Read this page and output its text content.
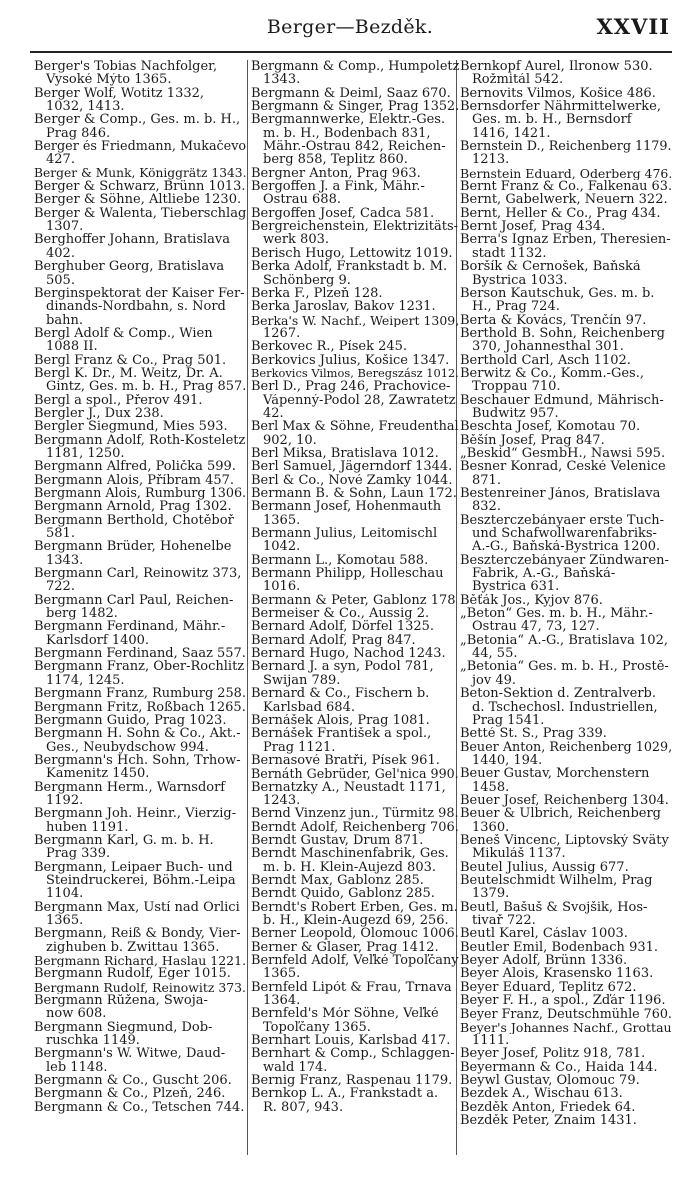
Berger—Bezděk.	XXVII
Berger's Tobias Nachfolger,
Vysoké Mýto 1365.
Berger Wolf, Wotitz 1332,
1032, 1413.
Berger & Comp., Ges. m. b. H.,
Prag 846.
Berger és Friedmann, Mukačevo
427.
Berger & Munk, Königgrätz 1343.
Berger & Schwarz, Brünn 1013.
Berger & Söhne, Altliebe 1230.
Berger & Walenta, Tieberschlag
1307.
Berghoffer Johann, Bratislava
402.
Berghuber Georg, Bratislava
505.
Berginspektorat der Kaiser Fer-
dinands-Nordbahn, s. Nord
bahn.
Bergl Adolf & Comp., Wien
1088 II.
Bergl Franz & Co., Prag 501.
Bergl K. Dr., M. Weitz, Dr. A.
Gintz, Ges. m. b. H., Prag 857.
Bergl a spol., Přerov 491.
Bergler J., Dux 238.
Bergler Siegmund, Mies 593.
Bergmann Adolf, Roth-Kosteletz
1181, 1250.
Bergmann Alfred, Polička 599.
Bergmann Alois, Příbram 457.
Bergmann Alois, Rumburg 1306.
Bergmann Arnold, Prag 1302.
Bergmann Berthold, Chotěboř
581.
Bergmann Brüder, Hohenelbe
1343.
Bergmann Carl, Reinowitz 373,
722.
Bergmann Carl Paul, Reichen-
berg 1482.
Bergmann Ferdinand, Mähr.-
Karlsdorf 1400.
Bergmann Ferdinand, Saaz 557.
Bergmann Franz, Ober-Rochlitz
1174, 1245.
Bergmann Franz, Rumburg 258.
Bergmann Fritz, Roßbach 1265.
Bergmann Guido, Prag 1023.
Bergmann H. Sohn & Co., Akt.-
Ges., Neubydschow 994.
Bergmann's Hch. Sohn, Trhow-
Kamenitz 1450.
Bergmann Herm., Warnsdorf
1192.
Bergmann Joh. Heinr., Vierzig-
huben 1191.
Bergmann Karl, G. m. b. H.
Prag 339.
Bergmann, Leipaer Buch- und
Steindruckerei, Böhm.-Leipa
1104.
Bergmann Max, Ústí nad Orlici
1365.
Bergmann, Reiß & Bondy, Vier-
zighuben b. Zwittau 1365.
Bergmann Richard, Haslau 1221.
Bergmann Rudolf, Eger 1015.
Bergmann Rudolf, Reinowitz 373.
Bergmann Růžena, Swoja-
now 608.
Bergmann Siegmund, Dob-
ruschka 1149.
Bergmann's W. Witwe, Daud-
leb 1148.
Bergmann & Co., Guscht 206.
Bergmann & Co., Plzeň, 246.
Bergmann & Co., Tetschen 744.
Bergmann & Comp., Humpoletz
1343.
Bergmann & Deiml, Saaz 670.
Bergmann & Singer, Prag 1352.
Bergmannwerke, Elektr.-Ges.
m. b. H., Bodenbach 831,
Mähr.-Ostrau 842, Reichen-
berg 858, Teplitz 860.
Bergner Anton, Prag 963.
Bergoffen J. a Fink, Mähr.-
Ostrau 688.
Bergoffen Josef, Čadca 581.
Bergreichenstein, Elektrizitäts-
werk 803.
Berisch Hugo, Lettowitz 1019.
Berka Adolf, Frankstadt b. M.
Schönberg 9.
Berka F., Plzeň 128.
Berka Jaroslav, Bakov 1231.
Berka's W. Nachf., Weipert 1309,
1267.
Berkovec R., Písek 245.
Berkovics Julius, Košice 1347.
Berkovics Vilmos, Beregszász 1012.
Berl D., Prag 246, Prachovice-
Vápenný-Podol 28, Zawratetz
42.
Berl Max & Söhne, Freudenthal
902, 10.
Berl Miksa, Bratislava 1012.
Berl Samuel, Jägerndorf 1344.
Berl & Co., Nové Zamky 1044.
Bermann B. & Sohn, Laun 172.
Bermann Josef, Hohenmauth
1365.
Bermann Julius, Leitomischl
1042.
Bermann L., Komotau 588.
Bermann Philipp, Holleschau
1016.
Bermann & Peter, Gablonz 178
Bermeiser & Co., Aussig 2.
Bernard Adolf, Dörfel 1325.
Bernard Adolf, Prag 847.
Bernard Hugo, Nachod 1243.
Bernard J. a syn, Podol 781,
Swijan 789.
Bernard & Co., Fischern b.
Karlsbad 684.
Bernášek Alois, Prag 1081.
Bernášek František a spol.,
Prag 1121.
Bernasové Bratři, Písek 961.
Bernáth Gebrüder, Gel'nica 990.
Bernatzky A., Neustadt 1171,
1243.
Bernd Vinzenz jun., Türmitz 98.
Berndt Adolf, Reichenberg 706.
Berndt Gustav, Drum 871.
Berndt Maschinenfabrik, Ges.
m. b. H. Klein-Aujezd 803.
Berndt Max, Gablonz 285.
Berndt Quido, Gablonz 285.
Berndt's Robert Erben, Ges. m.
b. H., Klein-Augezd 69, 256.
Berner Leopold, Olomouc 1006.
Berner & Glaser, Prag 1412.
Bernfeld Adolf, Veľké Topoľčany
1365.
Bernfeld Lipót & Frau, Trnava
1364.
Bernfeld's Mór Söhne, Veľké
Topoľčany 1365.
Bernhart Louis, Karlsbad 417.
Bernhart & Comp., Schlaggen-
wald 174.
Bernig Franz, Raspenau 1179.
Bernkop L. A., Frankstadt a.
R. 807, 943.
Bernkopf Aurel, Ilronow 530.
Rožmitál 542.
Bernovits Vilmos, Košice 486.
Bernsdorfer Nährmittelwerke,
Ges. m. b. H., Bernsdorf
1416, 1421.
Bernstein D., Reichenberg 1179.
1213.
Bernstein Eduard, Oderberg 476.
Bernt Franz & Co., Falkenau 63.
Bernt, Gabelwerk, Neuern 322.
Bernt, Heller & Co., Prag 434.
Bernt Josef, Prag 434.
Berra's Ignaz Erben, Theresien-
stadt 1132.
Boršík & Černošek, Baňská
Bystrica 1033.
Berson Kautschuk, Ges. m. b.
H., Prag 724.
Berta & Kovács, Trenčín 97.
Berthold B. Sohn, Reichenberg
370, Johannesthal 301.
Berthold Carl, Asch 1102.
Berwitz & Co., Komm.-Ges.,
Troppau 710.
Beschauer Edmund, Mährisch-
Budwitz 957.
Beschta Josef, Komotau 70.
Běšín Josef, Prag 847.
„Beskid“ GesmbH., Nawsi 595.
Besner Konrad, České Velenice
871.
Bestenreiner János, Bratislava
832.
Beszterczebányaer erste Tuch-
und Schafwollwarenfabriks-
A.-G., Baňská-Bystrica 1200.
Beszterczebányaer Zündwaren-
Fabrik, A.-G., Baňská-
Bystrica 631.
Běťák Jos., Kyjov 876.
„Beton“ Ges. m. b. H., Mähr.-
Ostrau 47, 73, 127.
„Betonia“ A.-G., Bratislava 102,
44, 55.
„Betonia“ Ges. m. b. H., Prostě-
jov 49.
Beton-Sektion d. Zentralverb.
d. Tschechosl. Industriellen,
Prag 1541.
Betté St. S., Prag 339.
Beuer Anton, Reichenberg 1029,
1440, 194.
Beuer Gustav, Morchenstern
1458.
Beuer Josef, Reichenberg 1304.
Beuer & Ulbrich, Reichenberg
1360.
Beneš Vincenc, Liptovský Sväty
Mikuláš 1137.
Beutel Julius, Aussig 677.
Beutelschmidt Wilhelm, Prag
1379.
Beutl, Bašuš & Svojšik, Hos-
tivař 722.
Beutl Karel, Čáslav 1003.
Beutler Emil, Bodenbach 931.
Beyer Adolf, Brünn 1336.
Beyer Alois, Krasensko 1163.
Beyer Eduard, Teplitz 672.
Beyer F. H., a spol., Žďár 1196.
Beyer Franz, Deutschmühle 760.
Beyer's Johannes Nachf., Grottau
1111.
Beyer Josef, Politz 918, 781.
Beyermann & Co., Haida 144.
Beywl Gustav, Olomouc 79.
Bezdek A., Wischau 613.
Bezděk Anton, Friedek 64.
Bezděk Peter, Znaim 1431.
